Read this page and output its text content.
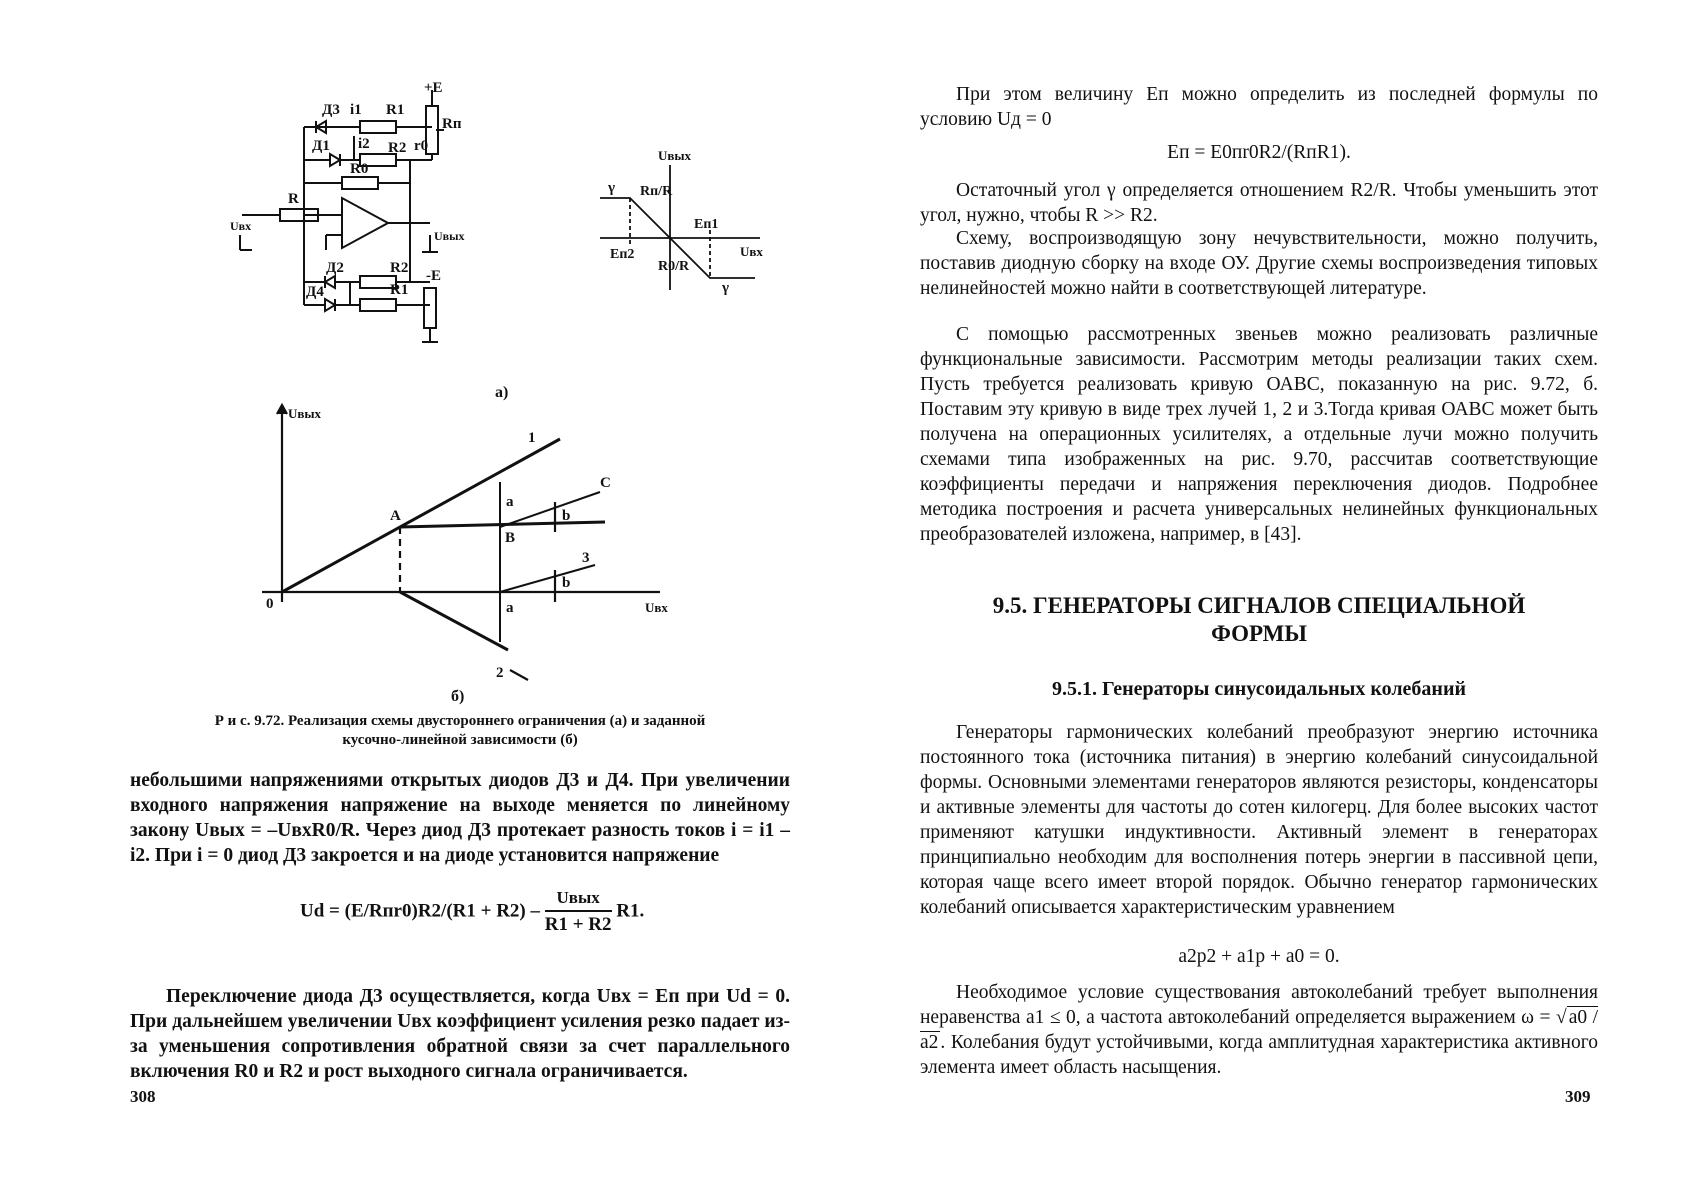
+E
Д3 i1 R1
Rп
Д1 i2 R2 r0
R0
R
Uвх
Uвых
Д2	R2 -E
Д4	R1
Uвых
γ Rп/R
Eп1
Uвх
Eп2
R0/R
γ
а)
Uвых
0	Uвх
A
B
C
1
3
2
a
b
a
b
б)
Р и с. 9.72. Реализация схемы двустороннего ограничения (а) и заданной
кусочно-линейной зависимости (б)
небольшими напряжениями открытых диодов Д3 и Д4. При увеличении входного напряжения напряжение на выходе меняется по линейному закону Uвых = –UвхR0/R. Через диод Д3 протекает разность токов i = i1 – i2. При i = 0 диод Д3 закроется и на диоде установится напряжение
$Ud = (E/Rпr0)R2/(R1 + R2) - \frac{\text{Uвых}}{R1 + R2} R1$.
Переключение диода Д3 осуществляется, когда Uвх = Eп при Ud = 0. При дальнейшем увеличении Uвх коэффициент усиления резко падает из-за уменьшения сопротивления обратной связи за счет параллельного включения R0 и R2 и рост выходного сигнала ограничивается.
308
При этом величину Eп можно определить из последней формулы по условию Uд = 0
Eп = E0пr0R2/(RпR1).
Остаточный угол γ определяется отношением R2/R. Чтобы уменьшить этот угол, нужно, чтобы R >> R2.
Схему, воспроизводящую зону нечувствительности, можно получить, поставив диодную сборку на входе ОУ. Другие схемы воспроизведения типовых нелинейностей можно найти в соответствующей литературе.
С помощью рассмотренных звеньев можно реализовать различные функциональные зависимости. Рассмотрим методы реализации таких схем. Пусть требуется реализовать кривую ОАВС, показанную на рис. 9.72, б. Поставим эту кривую в виде трех лучей 1, 2 и 3.Тогда кривая ОАВС может быть получена на операционных усилителях, а отдельные лучи можно получить схемами типа изображенных на рис. 9.70, рассчитав соответствующие коэффициенты передачи и напряжения переключения диодов. Подробнее методика построения и расчета универсальных нелинейных функциональных преобразователей изложена, например, в [43].
9.5. ГЕНЕРАТОРЫ СИГНАЛОВ СПЕЦИАЛЬНОЙ
ФОРМЫ
9.5.1. Генераторы синусоидальных колебаний
Генераторы гармонических колебаний преобразуют энергию источника постоянного тока (источника питания) в энергию колебаний синусоидальной формы. Основными элементами генераторов являются резисторы, конденсаторы и активные элементы для частоты до сотен килогерц. Для более высоких частот применяют катушки индуктивности. Активный элемент в генераторах принципиально необходим для восполнения потерь энергии в пассивной цепи, которая чаще всего имеет второй порядок. Обычно генератор гармонических колебаний описывается характеристическим уравнением
a2p2 + a1p + a0 = 0.
Необходимое условие существования автоколебаний требует выполнения неравенства a1 ≤ 0, а частота автоколебаний определяется выражением ω = √ a0 / a2 . Колебания будут устойчивыми, когда амплитудная характеристика активного элемента имеет область насыщения.
309
